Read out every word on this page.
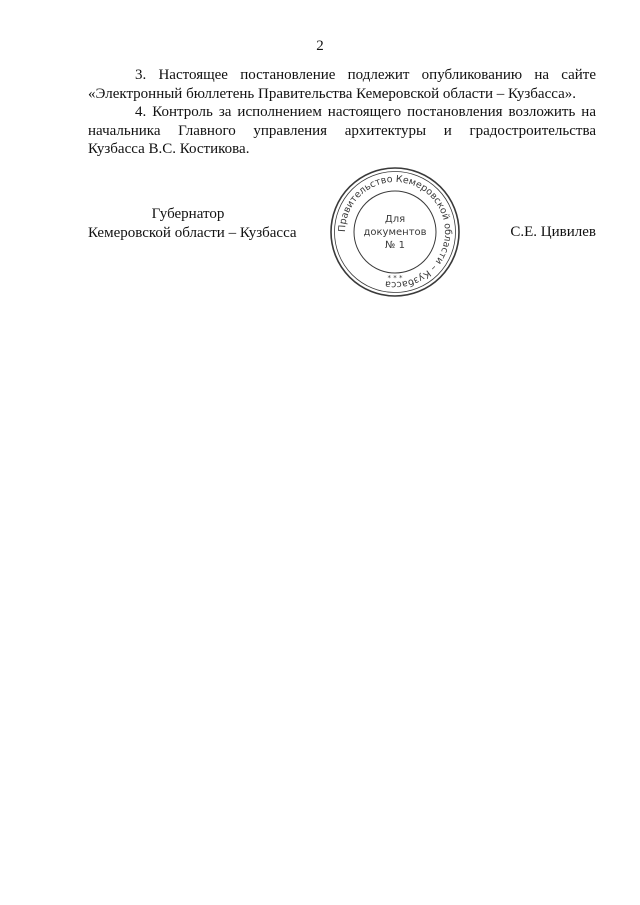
2

3. Настоящее постановление подлежит опубликованию на сайте
«Электронный бюллетень Правительства Кемеровской области – Кузбасса».

4. Контроль за исполнением настоящего постановления возложить на
начальника Главного управления архитектуры и градостроительства
Кузбасса В.С. Костикова.

Губернатор
Кемеровской области – Кузбасса	С.Е. Цивилев
Правительство Кемеровской области – Кузбасса
* * *
Для
документов
№ 1
